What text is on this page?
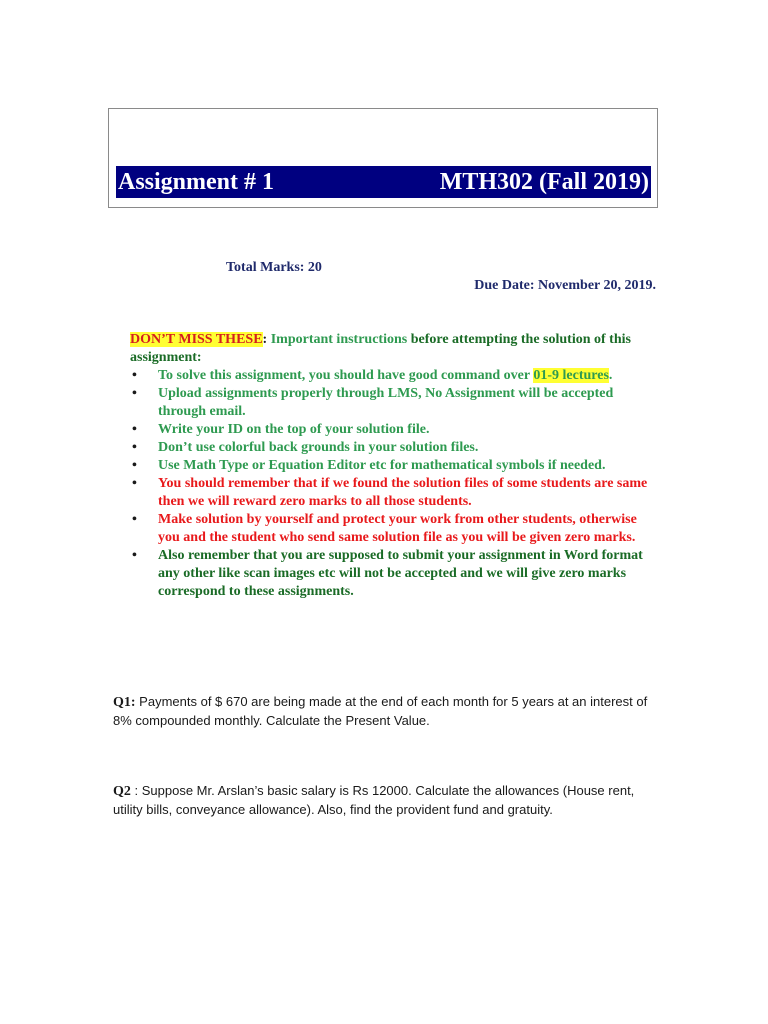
Assignment # 1	MTH302 (Fall 2019)
Total Marks: 20
Due Date: November 20, 2019.
DON’T MISS THESE: Important instructions before attempting the solution of this assignment:
• To solve this assignment, you should have good command over 01-9 lectures.
• Upload assignments properly through LMS, No Assignment will be accepted through email.
• Write your ID on the top of your solution file.
• Don’t use colorful back grounds in your solution files.
• Use Math Type or Equation Editor etc for mathematical symbols if needed.
• You should remember that if we found the solution files of some students are same then we will reward zero marks to all those students.
• Make solution by yourself and protect your work from other students, otherwise you and the student who send same solution file as you will be given zero marks.
• Also remember that you are supposed to submit your assignment in Word format any other like scan images etc will not be accepted and we will give zero marks correspond to these assignments.
Q1: Payments of $ 670 are being made at the end of each month for 5 years at an interest of 8% compounded monthly. Calculate the Present Value.
Q2 : Suppose Mr. Arslan’s basic salary is Rs 12000. Calculate the allowances (House rent, utility bills, conveyance allowance). Also, find the provident fund and gratuity.
